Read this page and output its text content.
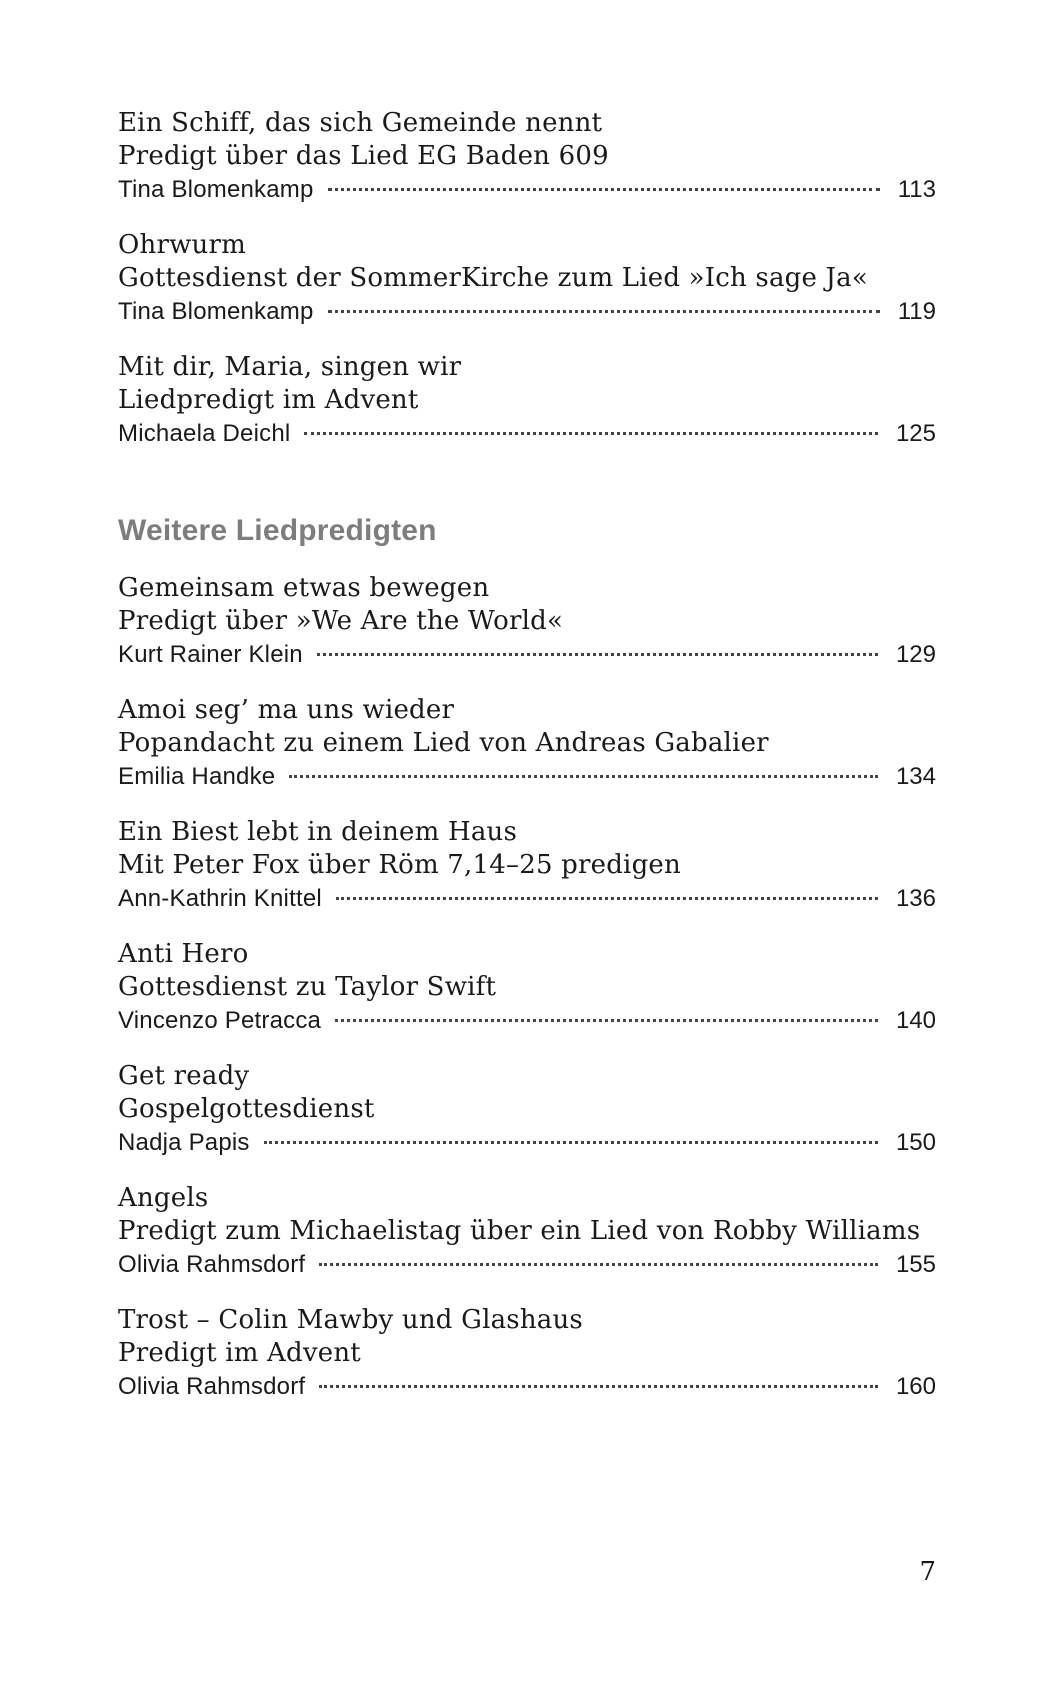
Ein Schiff, das sich Gemeinde nennt
Predigt über das Lied EG Baden 609
Tina Blomenkamp	113
Ohrwurm
Gottesdienst der SommerKirche zum Lied »Ich sage Ja«
Tina Blomenkamp	119
Mit dir, Maria, singen wir
Liedpredigt im Advent
Michaela Deichl	125
Weitere Liedpredigten
Gemeinsam etwas bewegen
Predigt über »We Are the World«
Kurt Rainer Klein	129
Amoi seg’ ma uns wieder
Popandacht zu einem Lied von Andreas Gabalier
Emilia Handke	134
Ein Biest lebt in deinem Haus
Mit Peter Fox über Röm 7,14–25 predigen
Ann-Kathrin Knittel	136
Anti Hero
Gottesdienst zu Taylor Swift
Vincenzo Petracca	140
Get ready
Gospelgottesdienst
Nadja Papis	150
Angels
Predigt zum Michaelistag über ein Lied von Robby Williams
Olivia Rahmsdorf	155
Trost – Colin Mawby und Glashaus
Predigt im Advent
Olivia Rahmsdorf	160
7
